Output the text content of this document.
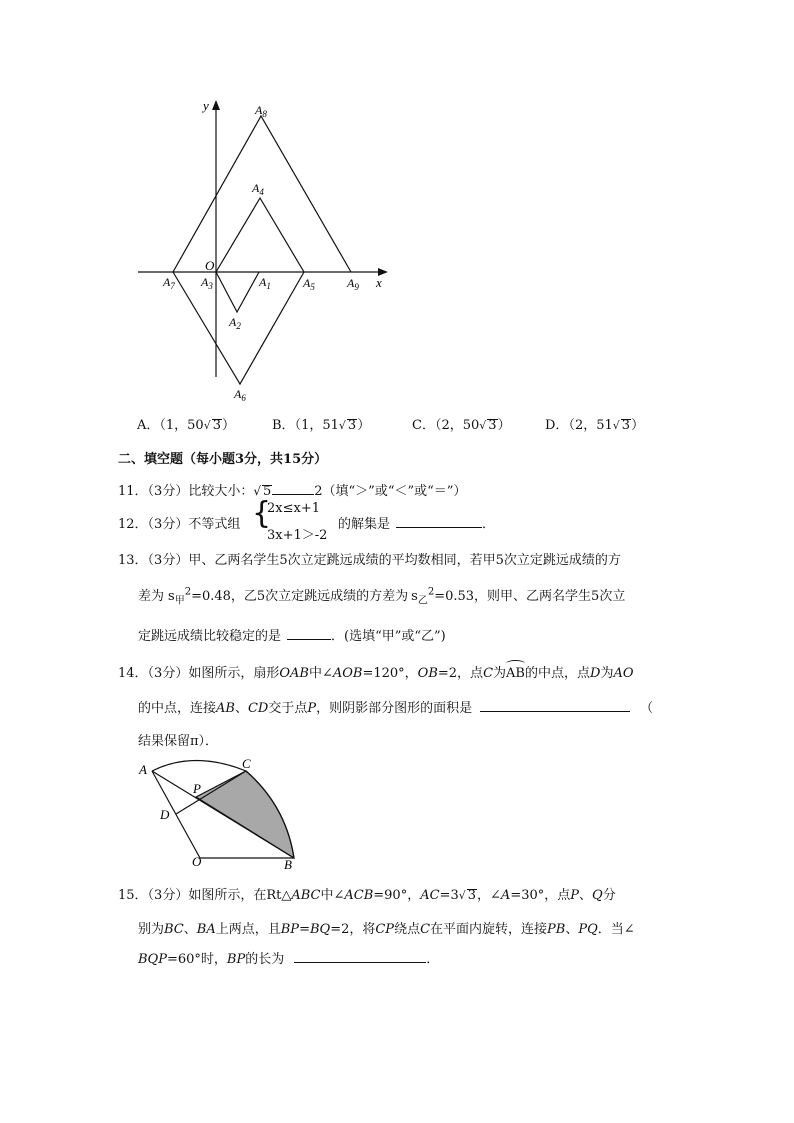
y
x
O
$A_8$
$A_4$
$A_7$ $A_3$	$A_1$	$A_5$	$A_9$
$A_2$
$A_6$
A．（1，50√ 3）	B．（1，51√ 3）	C．（2，50√ 3）	D．（2，51√ 3）
二、填空题（每小题3分，共15分）
11．（3分）比较大小：√ 5	2（填“＞”或“＜”或“＝”）
12．（3分）不等式组 {
2x≤x+1
3x+1＞-2
的解集是	．
13．（3分）甲、乙两名学生5次立定跳远成绩的平均数相同，若甲5次立定跳远成绩的方
差为 $s_甲^2=0.48$，乙5次立定跳远成绩的方差为 $s_乙^2=0.53$，则甲、乙两名学生5次立
定跳远成绩比较稳定的是	．(选填“甲”或“乙”)
14．（3分）如图所示，扇形OAB中∠AOB=120°，OB=2，点C为
AB的中点，点D为AO
的中点，连接AB、CD交于点P，则阴影部分图形的面积是	（
结果保留π）．
A	C
P
D
O	B
15．（3分）如图所示，在Rt△ABC中∠ACB=90°，AC=3√ 3，∠A=30°，点P、Q分
别为BC、BA上两点，且BP=BQ=2，将CP绕点C在平面内旋转，连接PB、PQ．当∠
BQP=60°时，BP的长为	．
